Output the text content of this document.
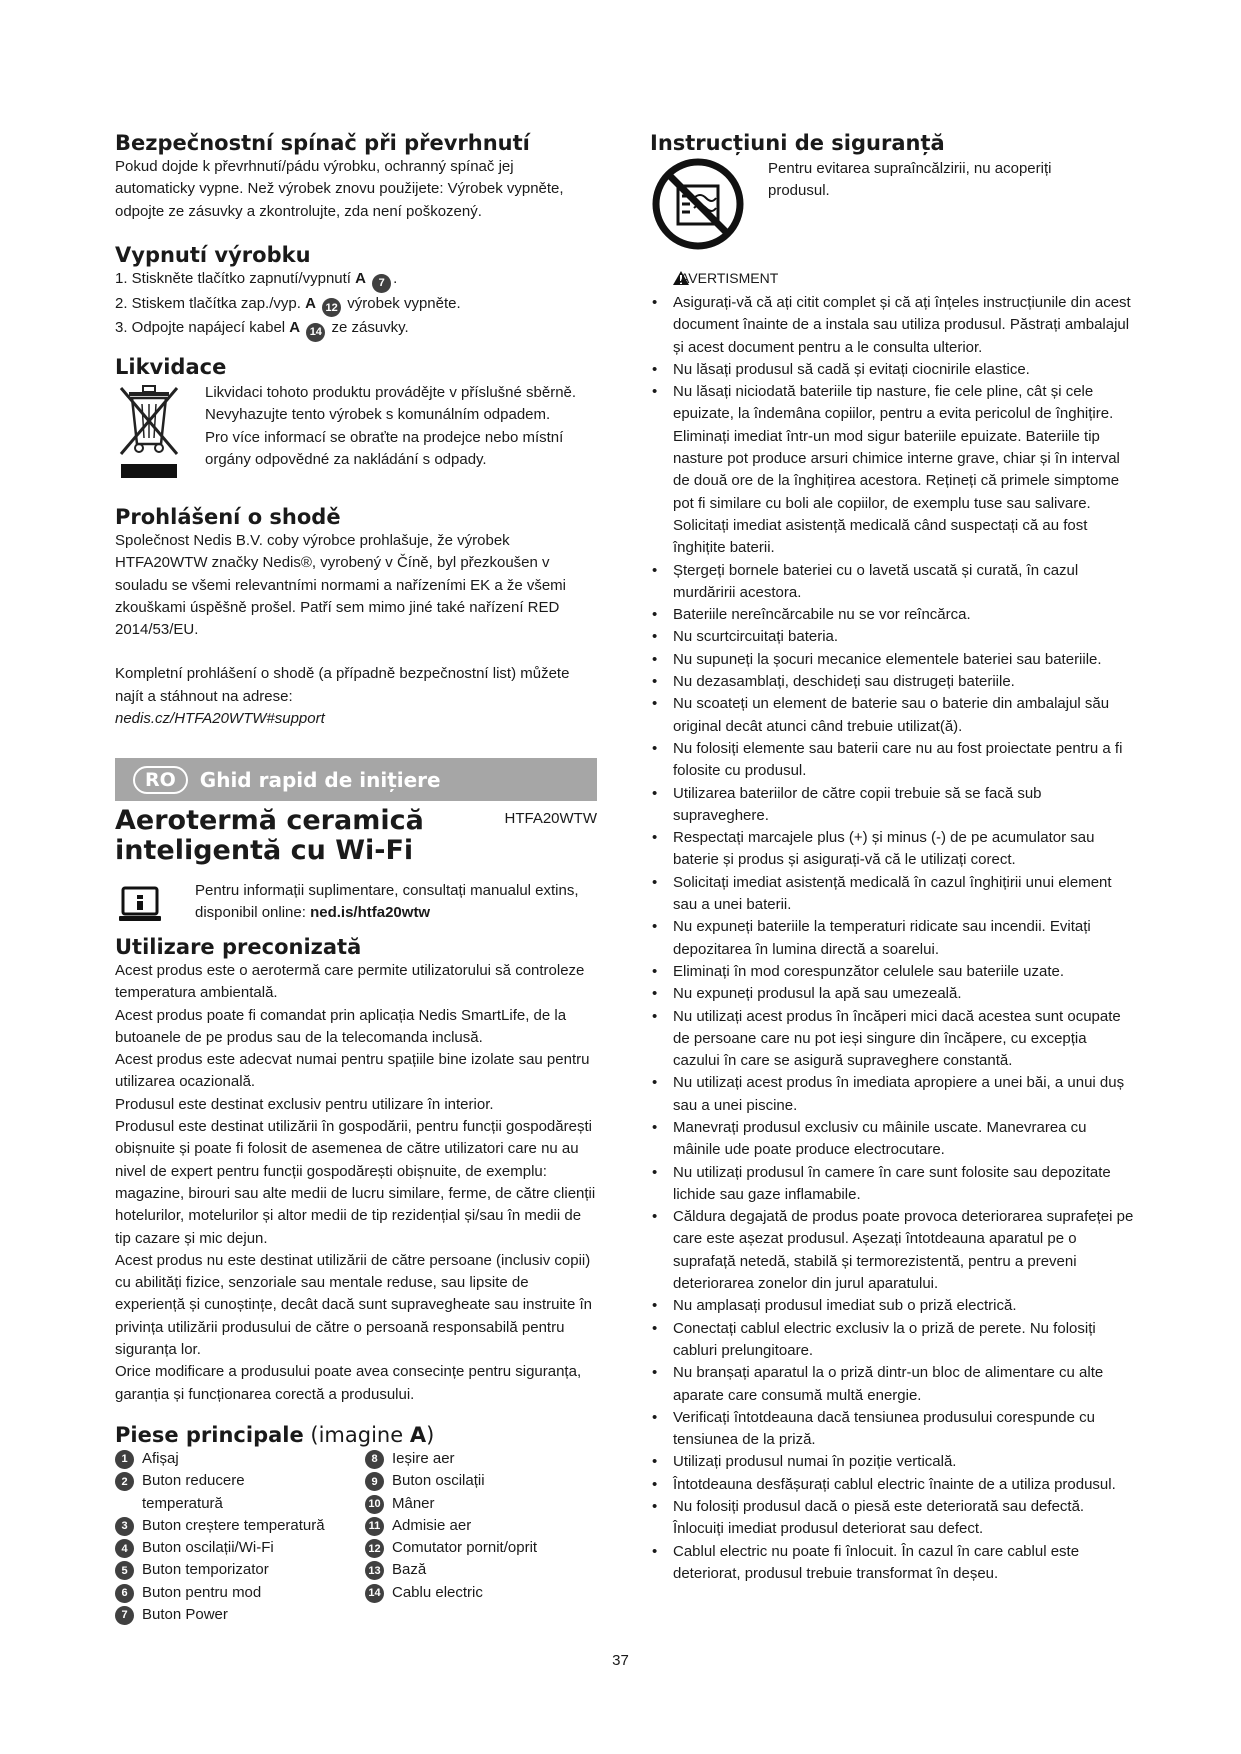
Bezpečnostní spínač při převrhnutí
Pokud dojde k převrhnutí/pádu výrobku, ochranný spínač jej automaticky vypne. Než výrobek znovu použijete: Výrobek vypněte, odpojte ze zásuvky a zkontrolujte, zda není poškozený.
Vypnutí výrobku
1. Stiskněte tlačítko zapnutí/vypnutí A 7 .
2. Stiskem tlačítka zap./vyp. A 12 výrobek vypněte.
3. Odpojte napájecí kabel A 14 ze zásuvky.
Likvidace
Likvidaci tohoto produktu provádějte v příslušné sběrně. Nevyhazujte tento výrobek s komunálním odpadem.
Pro více informací se obraťte na prodejce nebo místní orgány odpovědné za nakládání s odpady.
Prohlášení o shodě
Společnost Nedis B.V. coby výrobce prohlašuje, že výrobek HTFA20WTW značky Nedis®, vyrobený v Číně, byl přezkoušen v souladu se všemi relevantními normami a nařízeními EK a že všemi zkouškami úspěšně prošel. Patří sem mimo jiné také nařízení RED 2014/53/EU.
Kompletní prohlášení o shodě (a případně bezpečnostní list) můžete najít a stáhnout na adrese:
nedis.cz/HTFA20WTW#support
RO	Ghid rapid de inițiere
Aerotermă ceramică
inteligentă cu Wi-Fi
HTFA20WTW
Pentru informații suplimentare, consultați manualul extins, disponibil online: ned.is/htfa20wtw
Utilizare preconizată
Acest produs este o aerotermă care permite utilizatorului să controleze temperatura ambientală.
Acest produs poate fi comandat prin aplicația Nedis SmartLife, de la butoanele de pe produs sau de la telecomanda inclusă.
Acest produs este adecvat numai pentru spațiile bine izolate sau pentru utilizarea ocazională.
Produsul este destinat exclusiv pentru utilizare în interior.
Produsul este destinat utilizării în gospodării, pentru funcții gospodărești obișnuite și poate fi folosit de asemenea de către utilizatori care nu au nivel de expert pentru funcții gospodărești obișnuite, de exemplu: magazine, birouri sau alte medii de lucru similare, ferme, de către clienții hotelurilor, motelurilor și altor medii de tip rezidențial și/sau în medii de tip cazare și mic dejun.
Acest produs nu este destinat utilizării de către persoane (inclusiv copii) cu abilități fizice, senzoriale sau mentale reduse, sau lipsite de experiență și cunoștințe, decât dacă sunt supravegheate sau instruite în privința utilizării produsului de către o persoană responsabilă pentru siguranța lor.
Orice modificare a produsului poate avea consecințe pentru siguranța, garanția și funcționarea corectă a produsului.
Piese principale (imagine A)
1 Afișaj
2 Buton reducere temperatură
3 Buton creștere temperatură
4 Buton oscilații/Wi-Fi
5 Buton temporizator
6 Buton pentru mod
7 Buton Power
8 Ieșire aer
9 Buton oscilații
10 Mâner
11 Admisie aer
12 Comutator pornit/oprit
13 Bază
14 Cablu electric
Instrucțiuni de siguranță
Pentru evitarea supraîncălzirii, nu acoperiți produsul.
AVERTISMENT
• Asigurați-vă că ați citit complet și că ați înțeles instrucțiunile din acest document înainte de a instala sau utiliza produsul. Păstrați ambalajul și acest document pentru a le consulta ulterior.
• Nu lăsați produsul să cadă și evitați ciocnirile elastice.
• Nu lăsați niciodată bateriile tip nasture, fie cele pline, cât și cele epuizate, la îndemâna copiilor, pentru a evita pericolul de înghițire. Eliminați imediat într-un mod sigur bateriile epuizate. Bateriile tip nasture pot produce arsuri chimice interne grave, chiar și în interval de două ore de la înghițirea acestora. Rețineți că primele simptome pot fi similare cu boli ale copiilor, de exemplu tuse sau salivare. Solicitați imediat asistență medicală când suspectați că au fost înghițite baterii.
• Ștergeți bornele bateriei cu o lavetă uscată și curată, în cazul murdăririi acestora.
• Bateriile nereîncărcabile nu se vor reîncărca.
• Nu scurtcircuitați bateria.
• Nu supuneți la șocuri mecanice elementele bateriei sau bateriile.
• Nu dezasamblați, deschideți sau distrugeți bateriile.
• Nu scoateți un element de baterie sau o baterie din ambalajul său original decât atunci când trebuie utilizat(ă).
• Nu folosiți elemente sau baterii care nu au fost proiectate pentru a fi folosite cu produsul.
• Utilizarea bateriilor de către copii trebuie să se facă sub supraveghere.
• Respectați marcajele plus (+) și minus (-) de pe acumulator sau baterie și produs și asigurați-vă că le utilizați corect.
• Solicitați imediat asistență medicală în cazul înghițirii unui element sau a unei baterii.
• Nu expuneți bateriile la temperaturi ridicate sau incendii. Evitați depozitarea în lumina directă a soarelui.
• Eliminați în mod corespunzător celulele sau bateriile uzate.
• Nu expuneți produsul la apă sau umezeală.
• Nu utilizați acest produs în încăperi mici dacă acestea sunt ocupate de persoane care nu pot ieși singure din încăpere, cu excepția cazului în care se asigură supraveghere constantă.
• Nu utilizați acest produs în imediata apropiere a unei băi, a unui duș sau a unei piscine.
• Manevrați produsul exclusiv cu mâinile uscate. Manevrarea cu mâinile ude poate produce electrocutare.
• Nu utilizați produsul în camere în care sunt folosite sau depozitate lichide sau gaze inflamabile.
• Căldura degajată de produs poate provoca deteriorarea suprafeței pe care este așezat produsul. Așezați întotdeauna aparatul pe o suprafață netedă, stabilă și termorezistentă, pentru a preveni deteriorarea zonelor din jurul aparatului.
• Nu amplasați produsul imediat sub o priză electrică.
• Conectați cablul electric exclusiv la o priză de perete. Nu folosiți cabluri prelungitoare.
• Nu branșați aparatul la o priză dintr-un bloc de alimentare cu alte aparate care consumă multă energie.
• Verificați întotdeauna dacă tensiunea produsului corespunde cu tensiunea de la priză.
• Utilizați produsul numai în poziție verticală.
• Întotdeauna desfășurați cablul electric înainte de a utiliza produsul.
• Nu folosiți produsul dacă o piesă este deteriorată sau defectă. Înlocuiți imediat produsul deteriorat sau defect.
• Cablul electric nu poate fi înlocuit. În cazul în care cablul este deteriorat, produsul trebuie transformat în deșeu.
37
